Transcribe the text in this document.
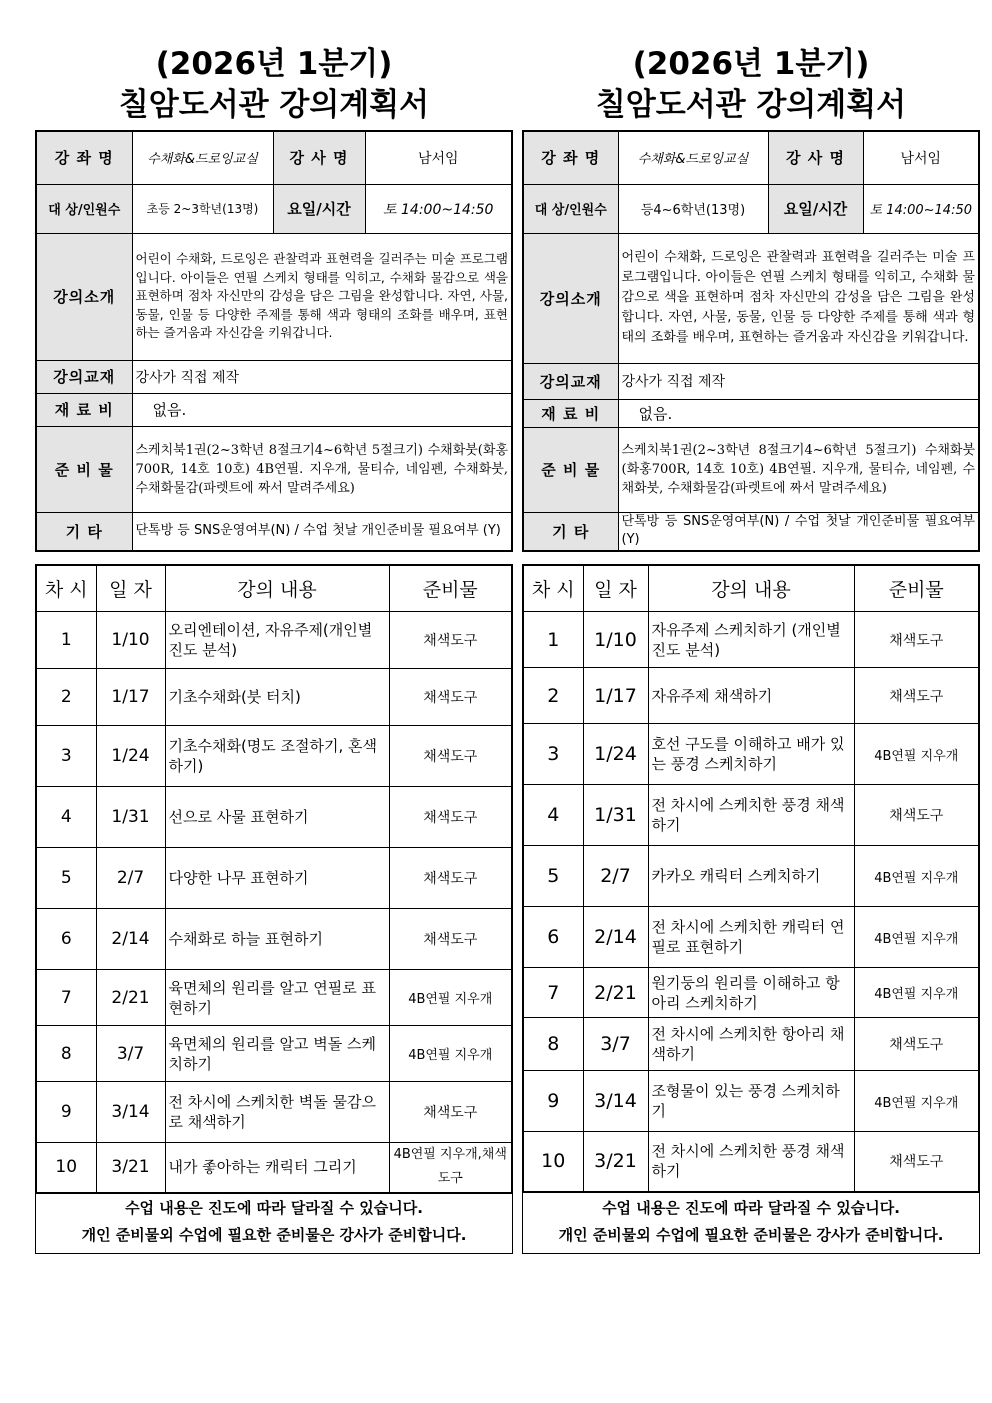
(2026년 1분기)
칠암도서관 강의계획서
강 좌 명	수채화&드로잉교실	강 사 명	남서임
대 상/인원수	초등 2~3학년(13명)	요일/시간	토 14:00~14:50
강의소개	어린이 수채화, 드로잉은 관찰력과 표현력을 길러주는 미술 프로그램입니다. 아이들은 연필 스케치 형태를 익히고, 수채화 물감으로 색을 표현하며 점차 자신만의 감성을 담은 그림을 완성합니다. 자연, 사물, 동물, 인물 등 다양한 주제를 통해 색과 형태의 조화를 배우며, 표현하는 즐거움과 자신감을 키워갑니다.		
강의교재	강사가 직접 제작		
재 료 비	없음.		
준 비 물	스케치북1권(2~3학년 8절크기4~6학년 5절크기) 수채화붓(화홍700R, 14호 10호) 4B연필. 지우개, 물티슈, 네임펜, 수채화붓, 수채화물감(파렛트에 짜서 말려주세요)		
기 타	단톡방 등 SNS운영여부(N) / 수업 첫날 개인준비물 필요여부 (Y)		
차 시	일 자	강의 내용	준비물
1	1/10	오리엔테이션, 자유주제(개인별 진도 분석)	채색도구
2	1/17	기초수채화(붓 터치)	채색도구
3	1/24	기초수채화(명도 조절하기, 혼색하기)	채색도구
4	1/31	선으로 사물 표현하기	채색도구
5	2/7	다양한 나무 표현하기	채색도구
6	2/14	수채화로 하늘 표현하기	채색도구
7	2/21	육면체의 원리를 알고 연필로 표현하기	4B연필 지우개
8	3/7	육면체의 원리를 알고 벽돌 스케치하기	4B연필 지우개
9	3/14	전 차시에 스케치한 벽돌 물감으로 채색하기	채색도구
10	3/21	내가 좋아하는 캐릭터 그리기	4B연필 지우개,채색도구
수업 내용은 진도에 따라 달라질 수 있습니다.
개인 준비물외 수업에 필요한 준비물은 강사가 준비합니다.
(2026년 1분기)
칠암도서관 강의계획서
강 좌 명	수채화&드로잉교실	강 사 명	남서임
대 상/인원수	등4~6학년(13명)	요일/시간	토 14:00~14:50
강의소개	어린이 수채화, 드로잉은 관찰력과 표현력을 길러주는 미술 프로그램입니다. 아이들은 연필 스케치 형태를 익히고, 수채화 물감으로 색을 표현하며 점차 자신만의 감성을 담은 그림을 완성합니다. 자연, 사물, 동물, 인물 등 다양한 주제를 통해 색과 형태의 조화를 배우며, 표현하는 즐거움과 자신감을 키워갑니다.		
강의교재	강사가 직접 제작		
재 료 비	없음.		
준 비 물	스케치북1권(2~3학년 8절크기4~6학년 5절크기) 수채화붓(화홍700R, 14호 10호) 4B연필. 지우개, 물티슈, 네임펜, 수채화붓, 수채화물감(파렛트에 짜서 말려주세요)		
기 타	단톡방 등 SNS운영여부(N) / 수업 첫날 개인준비물 필요여부 (Y)		
차 시	일 자	강의 내용	준비물
1	1/10	자유주제 스케치하기 (개인별 진도 분석)	채색도구
2	1/17	자유주제 채색하기	채색도구
3	1/24	호선 구도를 이해하고 배가 있는 풍경 스케치하기	4B연필 지우개
4	1/31	전 차시에 스케치한 풍경 채색하기	채색도구
5	2/7	카카오 캐릭터 스케치하기	4B연필 지우개
6	2/14	전 차시에 스케치한 캐릭터 연필로 표현하기	4B연필 지우개
7	2/21	원기둥의 원리를 이해하고 항아리 스케치하기	4B연필 지우개
8	3/7	전 차시에 스케치한 항아리 채색하기	채색도구
9	3/14	조형물이 있는 풍경 스케치하기	4B연필 지우개
10	3/21	전 차시에 스케치한 풍경 채색하기	채색도구
수업 내용은 진도에 따라 달라질 수 있습니다.
개인 준비물외 수업에 필요한 준비물은 강사가 준비합니다.
